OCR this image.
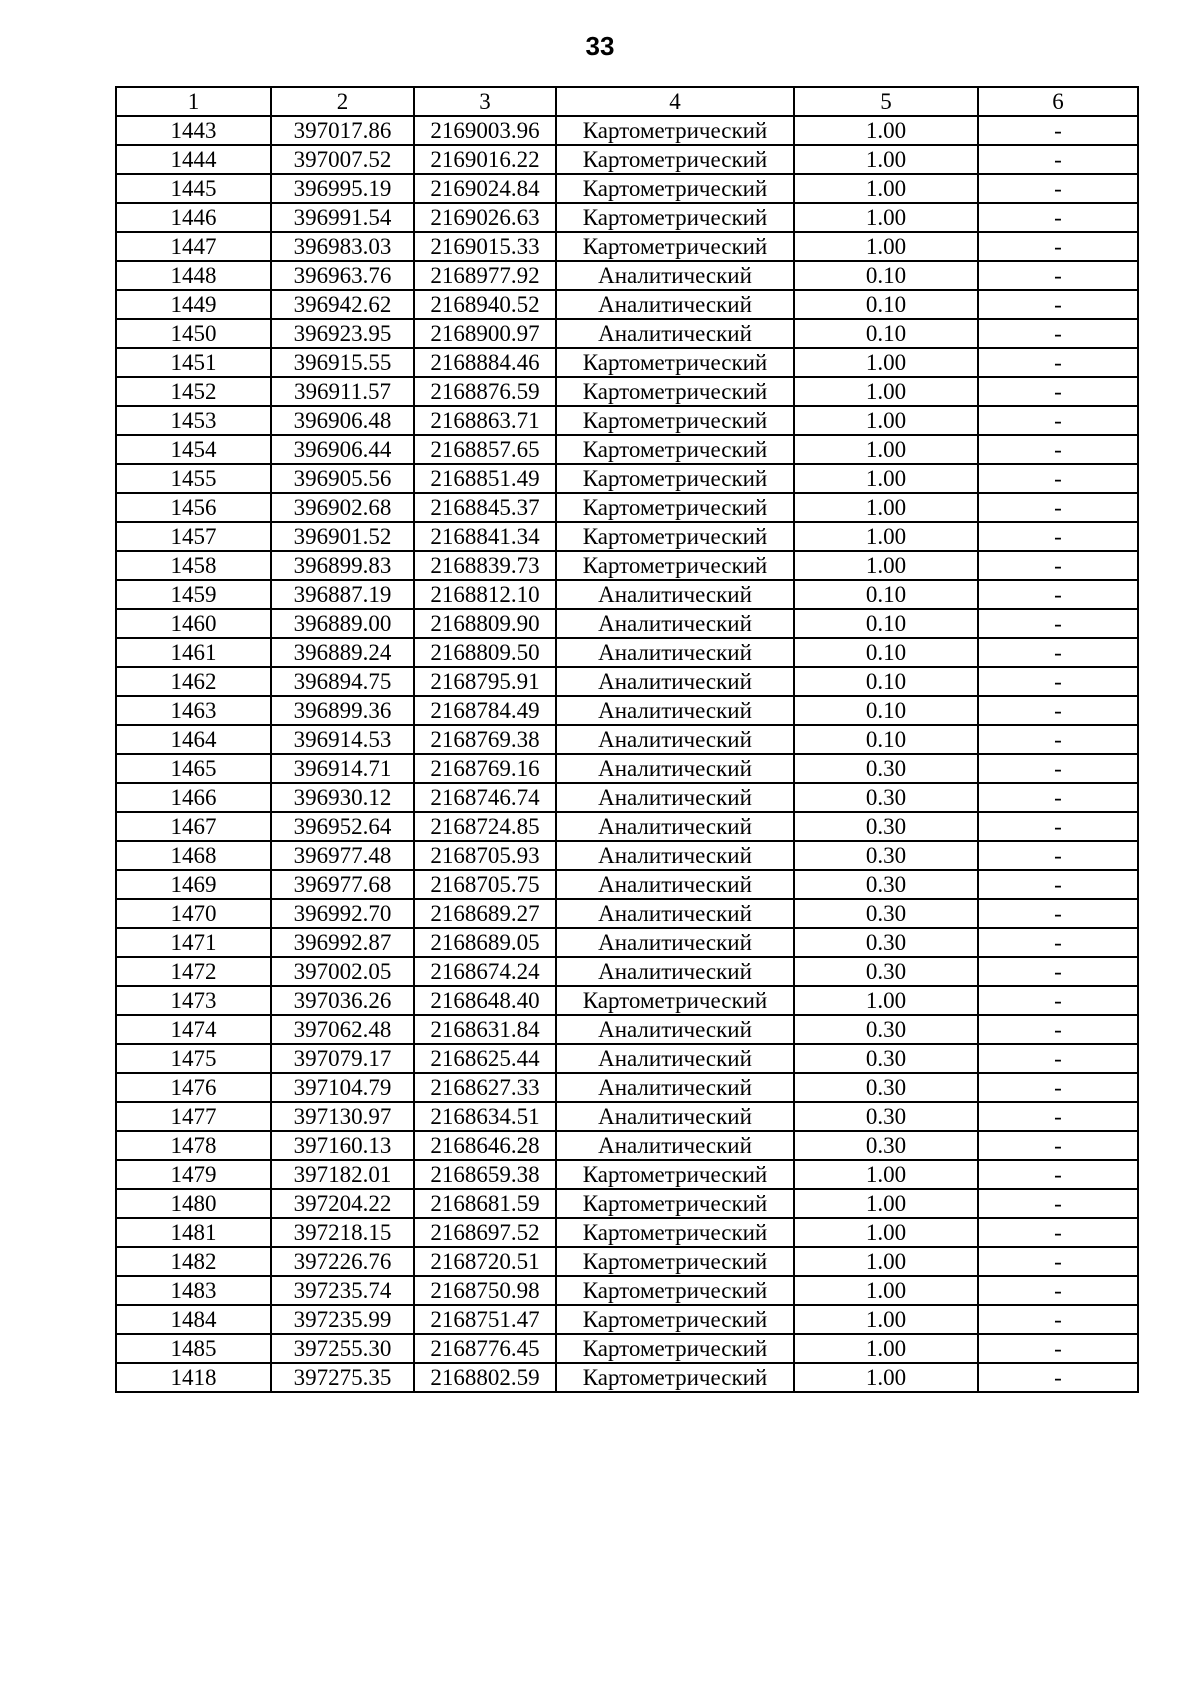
33
1	2	3	4	5	6
1443	397017.86	2169003.96	Картометрический	1.00	-
1444	397007.52	2169016.22	Картометрический	1.00	-
1445	396995.19	2169024.84	Картометрический	1.00	-
1446	396991.54	2169026.63	Картометрический	1.00	-
1447	396983.03	2169015.33	Картометрический	1.00	-
1448	396963.76	2168977.92	Аналитический	0.10	-
1449	396942.62	2168940.52	Аналитический	0.10	-
1450	396923.95	2168900.97	Аналитический	0.10	-
1451	396915.55	2168884.46	Картометрический	1.00	-
1452	396911.57	2168876.59	Картометрический	1.00	-
1453	396906.48	2168863.71	Картометрический	1.00	-
1454	396906.44	2168857.65	Картометрический	1.00	-
1455	396905.56	2168851.49	Картометрический	1.00	-
1456	396902.68	2168845.37	Картометрический	1.00	-
1457	396901.52	2168841.34	Картометрический	1.00	-
1458	396899.83	2168839.73	Картометрический	1.00	-
1459	396887.19	2168812.10	Аналитический	0.10	-
1460	396889.00	2168809.90	Аналитический	0.10	-
1461	396889.24	2168809.50	Аналитический	0.10	-
1462	396894.75	2168795.91	Аналитический	0.10	-
1463	396899.36	2168784.49	Аналитический	0.10	-
1464	396914.53	2168769.38	Аналитический	0.10	-
1465	396914.71	2168769.16	Аналитический	0.30	-
1466	396930.12	2168746.74	Аналитический	0.30	-
1467	396952.64	2168724.85	Аналитический	0.30	-
1468	396977.48	2168705.93	Аналитический	0.30	-
1469	396977.68	2168705.75	Аналитический	0.30	-
1470	396992.70	2168689.27	Аналитический	0.30	-
1471	396992.87	2168689.05	Аналитический	0.30	-
1472	397002.05	2168674.24	Аналитический	0.30	-
1473	397036.26	2168648.40	Картометрический	1.00	-
1474	397062.48	2168631.84	Аналитический	0.30	-
1475	397079.17	2168625.44	Аналитический	0.30	-
1476	397104.79	2168627.33	Аналитический	0.30	-
1477	397130.97	2168634.51	Аналитический	0.30	-
1478	397160.13	2168646.28	Аналитический	0.30	-
1479	397182.01	2168659.38	Картометрический	1.00	-
1480	397204.22	2168681.59	Картометрический	1.00	-
1481	397218.15	2168697.52	Картометрический	1.00	-
1482	397226.76	2168720.51	Картометрический	1.00	-
1483	397235.74	2168750.98	Картометрический	1.00	-
1484	397235.99	2168751.47	Картометрический	1.00	-
1485	397255.30	2168776.45	Картометрический	1.00	-
1418	397275.35	2168802.59	Картометрический	1.00	-
